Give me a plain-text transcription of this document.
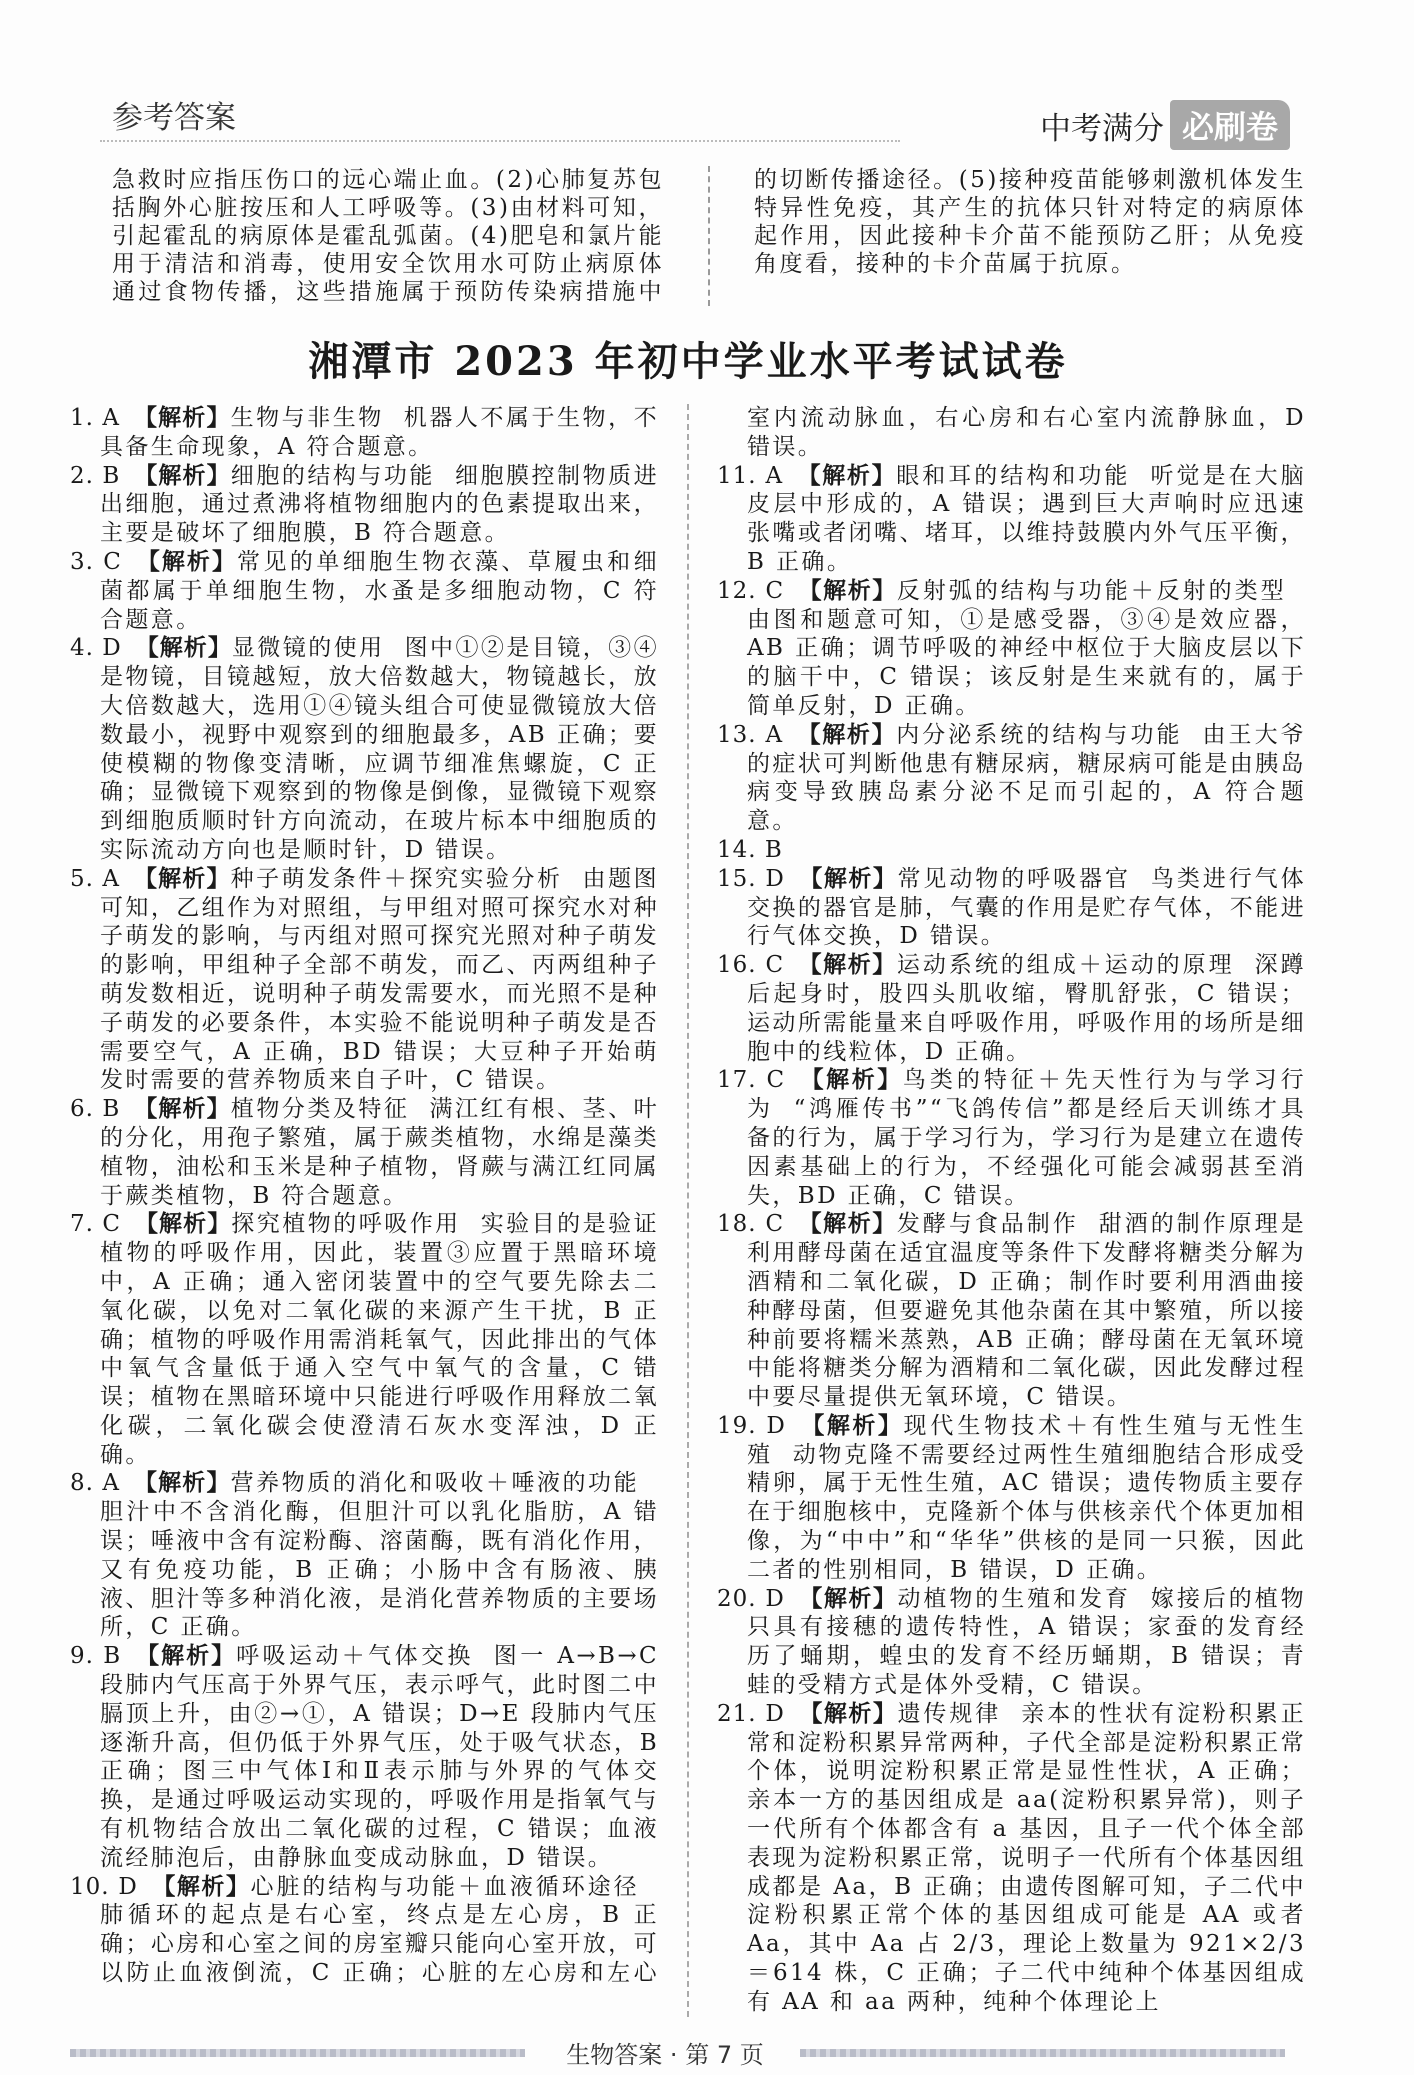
参考答案	中考满分 必刷卷
急救时应指压伤口的远心端止血。(2)心肺复苏包括胸外心脏按压和人工呼吸等。(3)由材料可知，引起霍乱的病原体是霍乱弧菌。(4)肥皂和氯片能用于清洁和消毒，使用安全饮用水可防止病原体通过食物传播，这些措施属于预防传染病措施中的切断传播途径。(5)接种疫苗能够刺激机体发生特异性免疫，其产生的抗体只针对特定的病原体起作用，因此接种卡介苗不能预防乙肝；从免疫角度看，接种的卡介苗属于抗原。
湘潭市 2023 年初中学业水平考试试卷

1. A  【解析】生物与非生物 机器人不属于生物，不具备生命现象，A 符合题意。

2. B  【解析】细胞的结构与功能 细胞膜控制物质进出细胞，通过煮沸将植物细胞内的色素提取出来，主要是破坏了细胞膜，B 符合题意。

3. C  【解析】常见的单细胞生物衣藻、草履虫和细菌都属于单细胞生物，水蚤是多细胞动物，C 符合题意。

4. D  【解析】显微镜的使用 图中①②是目镜，③④是物镜，目镜越短，放大倍数越大，物镜越长，放大倍数越大，选用①④镜头组合可使显微镜放大倍数最小，视野中观察到的细胞最多，AB 正确；要使模糊的物像变清晰，应调节细准焦螺旋，C 正确；显微镜下观察到的物像是倒像，显微镜下观察到细胞质顺时针方向流动，在玻片标本中细胞质的实际流动方向也是顺时针，D 错误。

5. A  【解析】种子萌发条件＋探究实验分析 由题图可知，乙组作为对照组，与甲组对照可探究水对种子萌发的影响，与丙组对照可探究光照对种子萌发的影响，甲组种子全部不萌发，而乙、丙两组种子萌发数相近，说明种子萌发需要水，而光照不是种子萌发的必要条件，本实验不能说明种子萌发是否需要空气，A 正确，BD 错误；大豆种子开始萌发时需要的营养物质来自子叶，C 错误。

6. B  【解析】植物分类及特征 满江红有根、茎、叶的分化，用孢子繁殖，属于蕨类植物，水绵是藻类植物，油松和玉米是种子植物，肾蕨与满江红同属于蕨类植物，B 符合题意。

7. C  【解析】探究植物的呼吸作用 实验目的是验证植物的呼吸作用，因此，装置③应置于黑暗环境中，A 正确；通入密闭装置中的空气要先除去二氧化碳，以免对二氧化碳的来源产生干扰，B 正确；植物的呼吸作用需消耗氧气，因此排出的气体中氧气含量低于通入空气中氧气的含量，C 错误；植物在黑暗环境中只能进行呼吸作用释放二氧化碳，二氧化碳会使澄清石灰水变浑浊，D 正确。

8. A  【解析】营养物质的消化和吸收＋唾液的功能胆汁中不含消化酶，但胆汁可以乳化脂肪，A 错误；唾液中含有淀粉酶、溶菌酶，既有消化作用，又有免疫功能，B 正确；小肠中含有肠液、胰液、胆汁等多种消化液，是消化营养物质的主要场所，C 正确。

9. B  【解析】呼吸运动＋气体交换 图一 A→B→C 段肺内气压高于外界气压，表示呼气，此时图二中膈顶上升，由②→①，A 错误；D→E 段肺内气压逐渐升高，但仍低于外界气压，处于吸气状态，B 正确；图三中气体Ⅰ和Ⅱ表示肺与外界的气体交换，是通过呼吸运动实现的，呼吸作用是指氧气与有机物结合放出二氧化碳的过程，C 错误；血液流经肺泡后，由静脉血变成动脉血，D 错误。

10. D  【解析】心脏的结构与功能＋血液循环途径肺循环的起点是右心室，终点是左心房，B 正确；心房和心室之间的房室瓣只能向心室开放，可以防止血液倒流，C 正确；心脏的左心房和左心室内流动脉血，右心房和右心室内流静脉血，D 错误。

11. A  【解析】眼和耳的结构和功能 听觉是在大脑皮层中形成的，A 错误；遇到巨大声响时应迅速张嘴或者闭嘴、堵耳，以维持鼓膜内外气压平衡，B 正确。

12. C  【解析】反射弧的结构与功能＋反射的类型由图和题意可知，①是感受器，③④是效应器，AB 正确；调节呼吸的神经中枢位于大脑皮层以下的脑干中，C 错误；该反射是生来就有的，属于简单反射，D 正确。

13. A  【解析】内分泌系统的结构与功能 由王大爷的症状可判断他患有糖尿病，糖尿病可能是由胰岛病变导致胰岛素分泌不足而引起的，A 符合题意。

14. B

15. D  【解析】常见动物的呼吸器官 鸟类进行气体交换的器官是肺，气囊的作用是贮存气体，不能进行气体交换，D 错误。

16. C  【解析】运动系统的组成＋运动的原理 深蹲后起身时，股四头肌收缩，臀肌舒张，C 错误；运动所需能量来自呼吸作用，呼吸作用的场所是细胞中的线粒体，D 正确。

17. C  【解析】鸟类的特征＋先天性行为与学习行为 “鸿雁传书”“飞鸽传信”都是经后天训练才具备的行为，属于学习行为，学习行为是建立在遗传因素基础上的行为，不经强化可能会减弱甚至消失，BD 正确，C 错误。

18. C  【解析】发酵与食品制作 甜酒的制作原理是利用酵母菌在适宜温度等条件下发酵将糖类分解为酒精和二氧化碳，D 正确；制作时要利用酒曲接种酵母菌，但要避免其他杂菌在其中繁殖，所以接种前要将糯米蒸熟，AB 正确；酵母菌在无氧环境中能将糖类分解为酒精和二氧化碳，因此发酵过程中要尽量提供无氧环境，C 错误。

19. D  【解析】现代生物技术＋有性生殖与无性生殖 动物克隆不需要经过两性生殖细胞结合形成受精卵，属于无性生殖，AC 错误；遗传物质主要存在于细胞核中，克隆新个体与供核亲代个体更加相像，为“中中”和“华华”供核的是同一只猴，因此二者的性别相同，B 错误，D 正确。

20. D  【解析】动植物的生殖和发育 嫁接后的植物只具有接穗的遗传特性，A 错误；家蚕的发育经历了蛹期，蝗虫的发育不经历蛹期，B 错误；青蛙的受精方式是体外受精，C 错误。

21. D  【解析】遗传规律 亲本的性状有淀粉积累正常和淀粉积累异常两种，子代全部是淀粉积累正常个体，说明淀粉积累正常是显性性状，A 正确；亲本一方的基因组成是 aa(淀粉积累异常)，则子一代所有个体都含有 a 基因，且子一代个体全部表现为淀粉积累正常，说明子一代所有个体基因组成都是 Aa，B 正确；由遗传图解可知，子二代中淀粉积累正常个体的基因组成可能是 AA 或者 Aa，其中 Aa 占 2/3，理论上数量为 921×2/3＝614 株，C 正确；子二代中纯种个体基因组成有 AA 和 aa 两种，纯种个体理论上

生物答案 · 第 7 页
